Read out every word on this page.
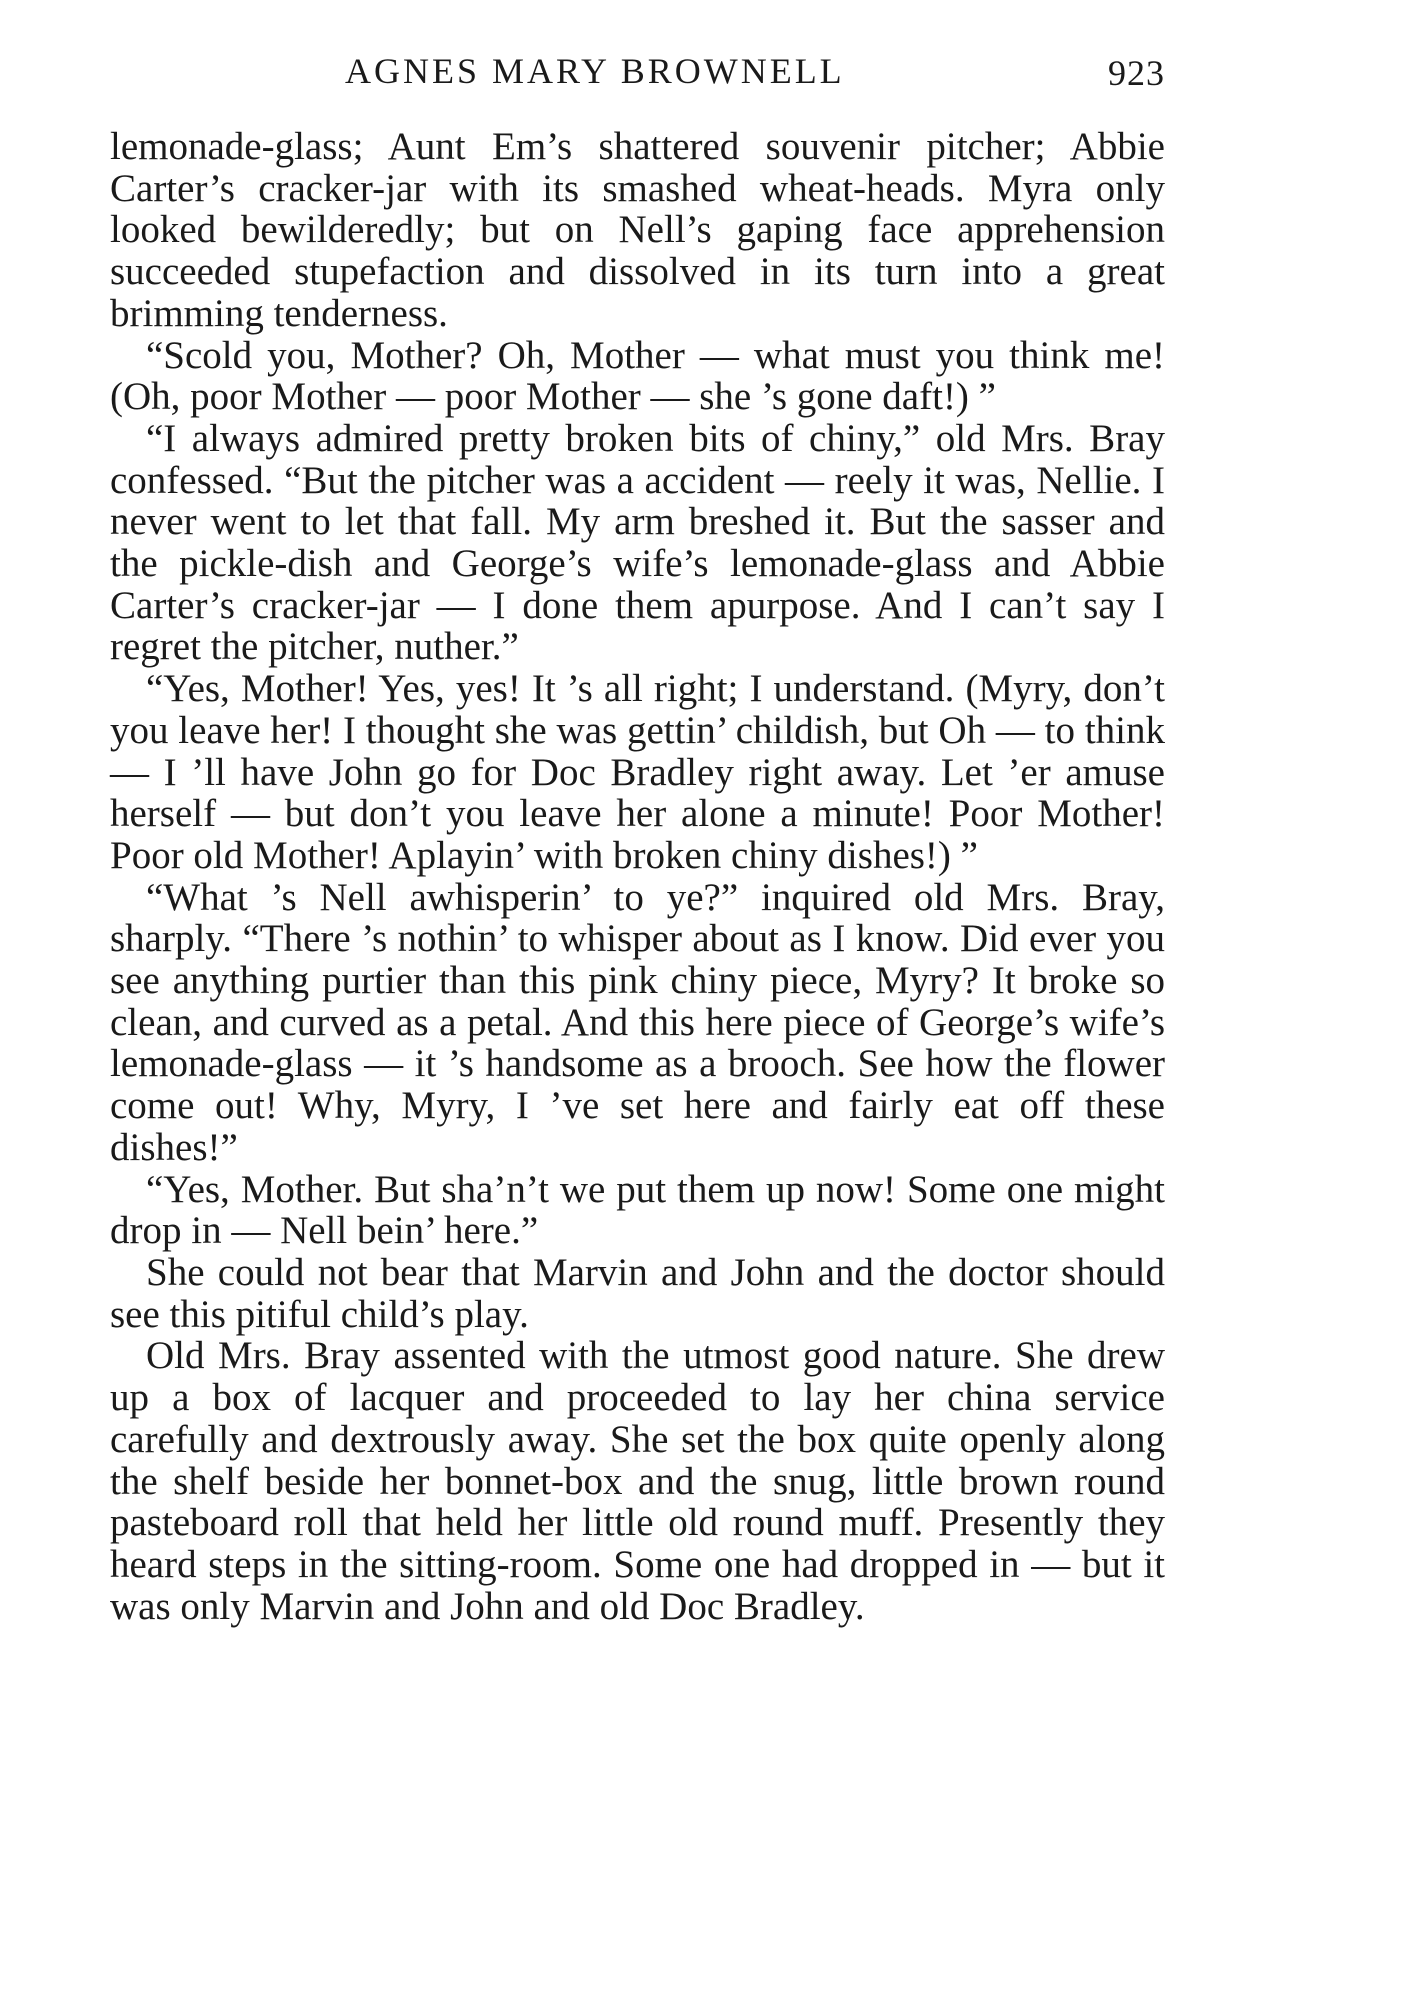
AGNES MARY BROWNELL	923

lemonade-glass; Aunt Em’s shattered souvenir pitcher; Abbie Carter’s cracker-jar with its smashed wheat-heads. Myra only looked bewilderedly; but on Nell’s gaping face apprehension succeeded stupefaction and dissolved in its turn into a great brimming tenderness.

“Scold you, Mother? Oh, Mother — what must you think me! (Oh, poor Mother — poor Mother — she ’s gone daft!) ”

“I always admired pretty broken bits of chiny,” old Mrs. Bray confessed. “But the pitcher was a accident — reely it was, Nellie. I never went to let that fall. My arm breshed it. But the sasser and the pickle-dish and George’s wife’s lemonade-glass and Abbie Carter’s cracker-jar — I done them apurpose. And I can’t say I regret the pitcher, nuther.”

“Yes, Mother! Yes, yes! It ’s all right; I understand. (Myry, don’t you leave her! I thought she was gettin’ childish, but Oh — to think — I ’ll have John go for Doc Bradley right away. Let ’er amuse herself — but don’t you leave her alone a minute! Poor Mother! Poor old Mother! Aplayin’ with broken chiny dishes!) ”

“What ’s Nell awhisperin’ to ye?” inquired old Mrs. Bray, sharply. “There ’s nothin’ to whisper about as I know. Did ever you see anything purtier than this pink chiny piece, Myry? It broke so clean, and curved as a petal. And this here piece of George’s wife’s lemonade-glass — it ’s handsome as a brooch. See how the flower come out! Why, Myry, I ’ve set here and fairly eat off these dishes!”

“Yes, Mother. But sha’n’t we put them up now! Some one might drop in — Nell bein’ here.”

She could not bear that Marvin and John and the doctor should see this pitiful child’s play.

Old Mrs. Bray assented with the utmost good nature. She drew up a box of lacquer and proceeded to lay her china service carefully and dextrously away. She set the box quite openly along the shelf beside her bonnet-box and the snug, little brown round pasteboard roll that held her little old round muff. Presently they heard steps in the sitting-room. Some one had dropped in — but it was only Marvin and John and old Doc Bradley.
